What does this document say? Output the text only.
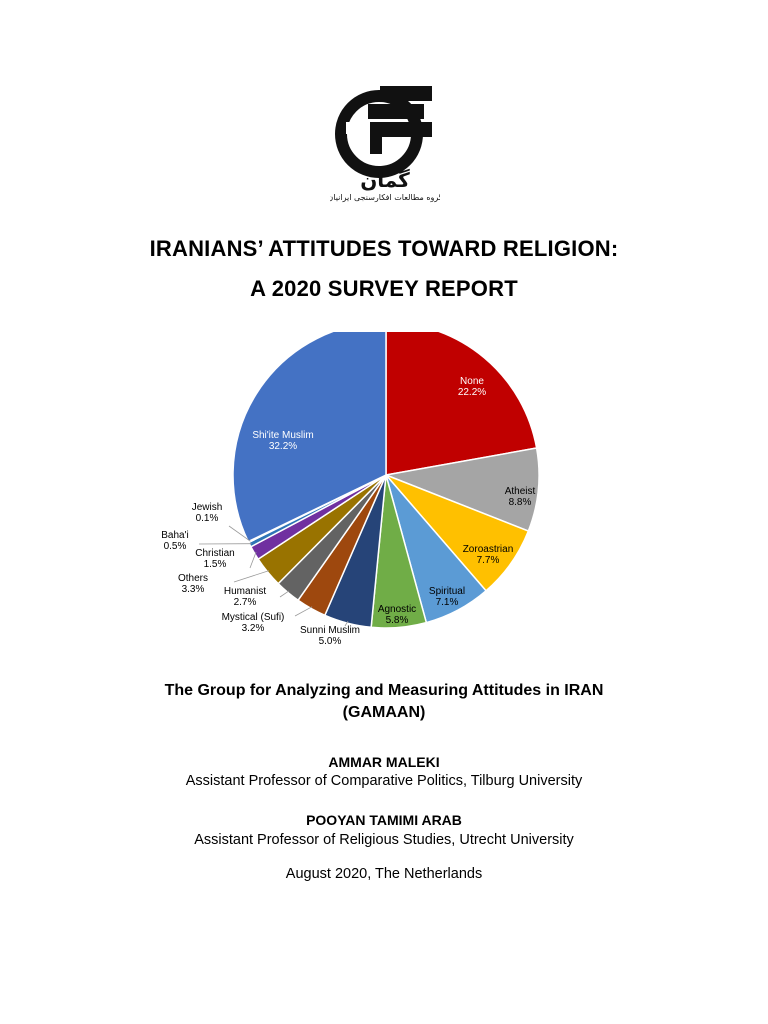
گمان
گروه مطالعات افکارسنجی ایرانیان
IRANIANS’ ATTITUDES TOWARD RELIGION:
A 2020 SURVEY REPORT
None
22.2%
Atheist
8.8%
Zoroastrian
7.7%
Spiritual
7.1%
Agnostic
5.8%
Sunni Muslim
5.0%
Mystical (Sufi)
3.2%
Humanist
2.7%
Others
3.3%
Christian
1.5%
Baha'i
0.5%
Jewish
0.1%
Shi'ite Muslim
32.2%
The Group for Analyzing and Measuring Attitudes in IRAN
(GAMAAN)
AMMAR MALEKI
Assistant Professor of Comparative Politics, Tilburg University
POOYAN TAMIMI ARAB
Assistant Professor of Religious Studies, Utrecht University
August 2020, The Netherlands
